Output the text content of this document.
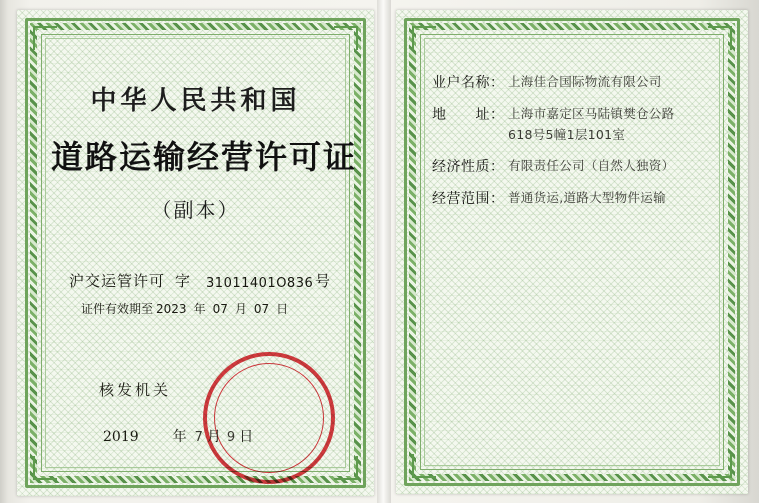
中华人民共和国
道路运输经营许可证
（副本）
沪交运管许可 字	31011401O836 号
证件有效期至 2023 年 07 月 07 日
核发机关
2019 年 7 月 9 日
业户名称 ： 上海佳合国际物流有限公司
地　　址 ： 上海市嘉定区马陆镇樊仓公路
618号5幢1层101室
经济性质 ： 有限责任公司（自然人独资）
经营范围 ： 普通货运,道路大型物件运输
